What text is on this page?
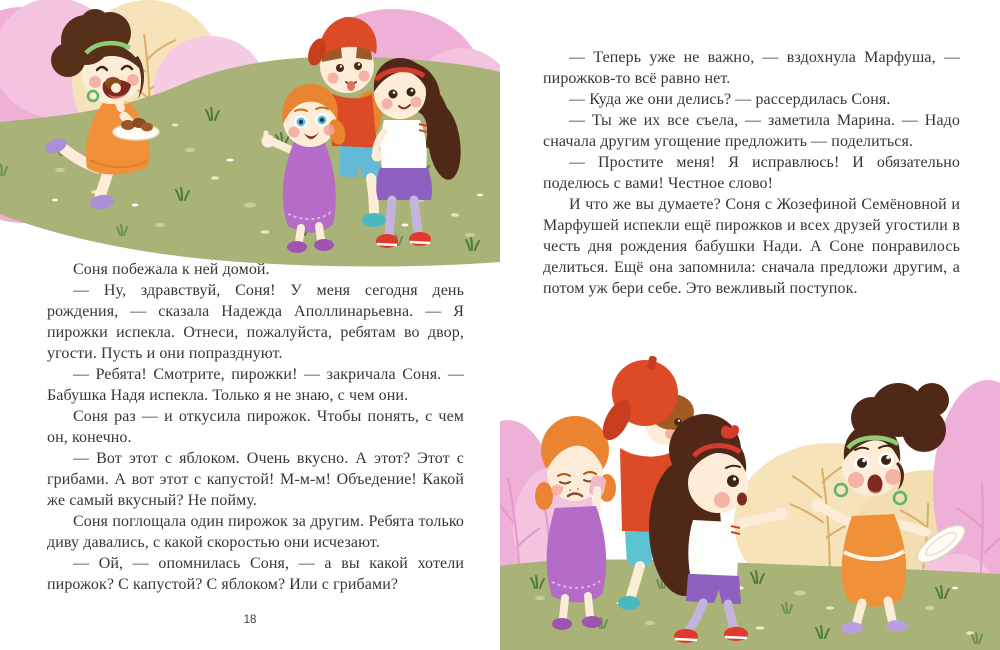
Соня побежала к ней домой.

— Ну, здравствуй, Соня! У меня сегодня день рождения, — сказала Надежда Аполлинарьевна. — Я пирожки испекла. Отнеси, пожалуйста, ребятам во двор, угости. Пусть и они попразднуют.

— Ребята! Смотрите, пирожки! — закричала Соня. — Бабушка Надя испекла. Только я не знаю, с чем они.

Соня раз — и откусила пирожок. Чтобы понять, с чем он, конечно.

— Вот этот с яблоком. Очень вкусно. А этот? Этот с грибами. А вот этот с капустой! М-м-м! Объедение! Какой же самый вкусный? Не пойму.

Соня поглощала один пирожок за другим. Ребята только диву давались, с какой скоростью они исчезают.

— Ой, — опомнилась Соня, — а вы какой хотели пирожок? С капустой? С яблоком? Или с грибами?

18

— Теперь уже не важно, — вздохнула Марфуша, — пирожков-то всё равно нет.

— Куда же они делись? — рассердилась Соня.

— Ты же их все съела, — заметила Марина. — Надо сначала другим угощение предложить — поделиться.

— Простите меня! Я исправлюсь! И обязательно поделюсь с вами! Честное слово!

И что же вы думаете? Соня с Жозефиной Семёновной и Марфушей испекли ещё пирожков и всех друзей угостили в честь дня рождения бабушки Нади. А Соне понравилось делиться. Ещё она запомнила: сначала предложи другим, а потом уж бери себе. Это вежливый поступок.
